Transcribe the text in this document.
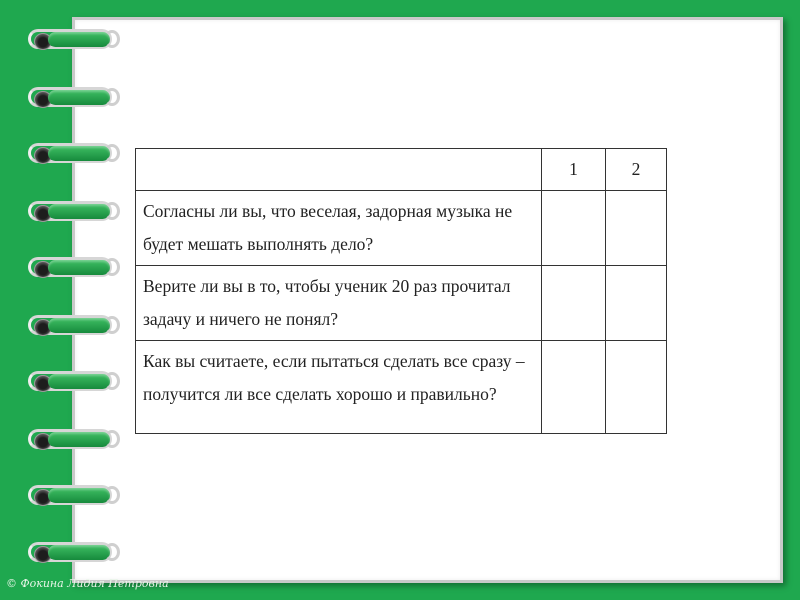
	1	2
Согласны ли вы, что веселая, задорная музыка не будет мешать выполнять дело?		
Верите ли вы в то, чтобы ученик 20 раз прочитал задачу и ничего не понял?		
Как вы считаете, если пытаться сделать все сразу – получится ли все сделать хорошо и правильно?		
© Фокина Лидия Петровна
